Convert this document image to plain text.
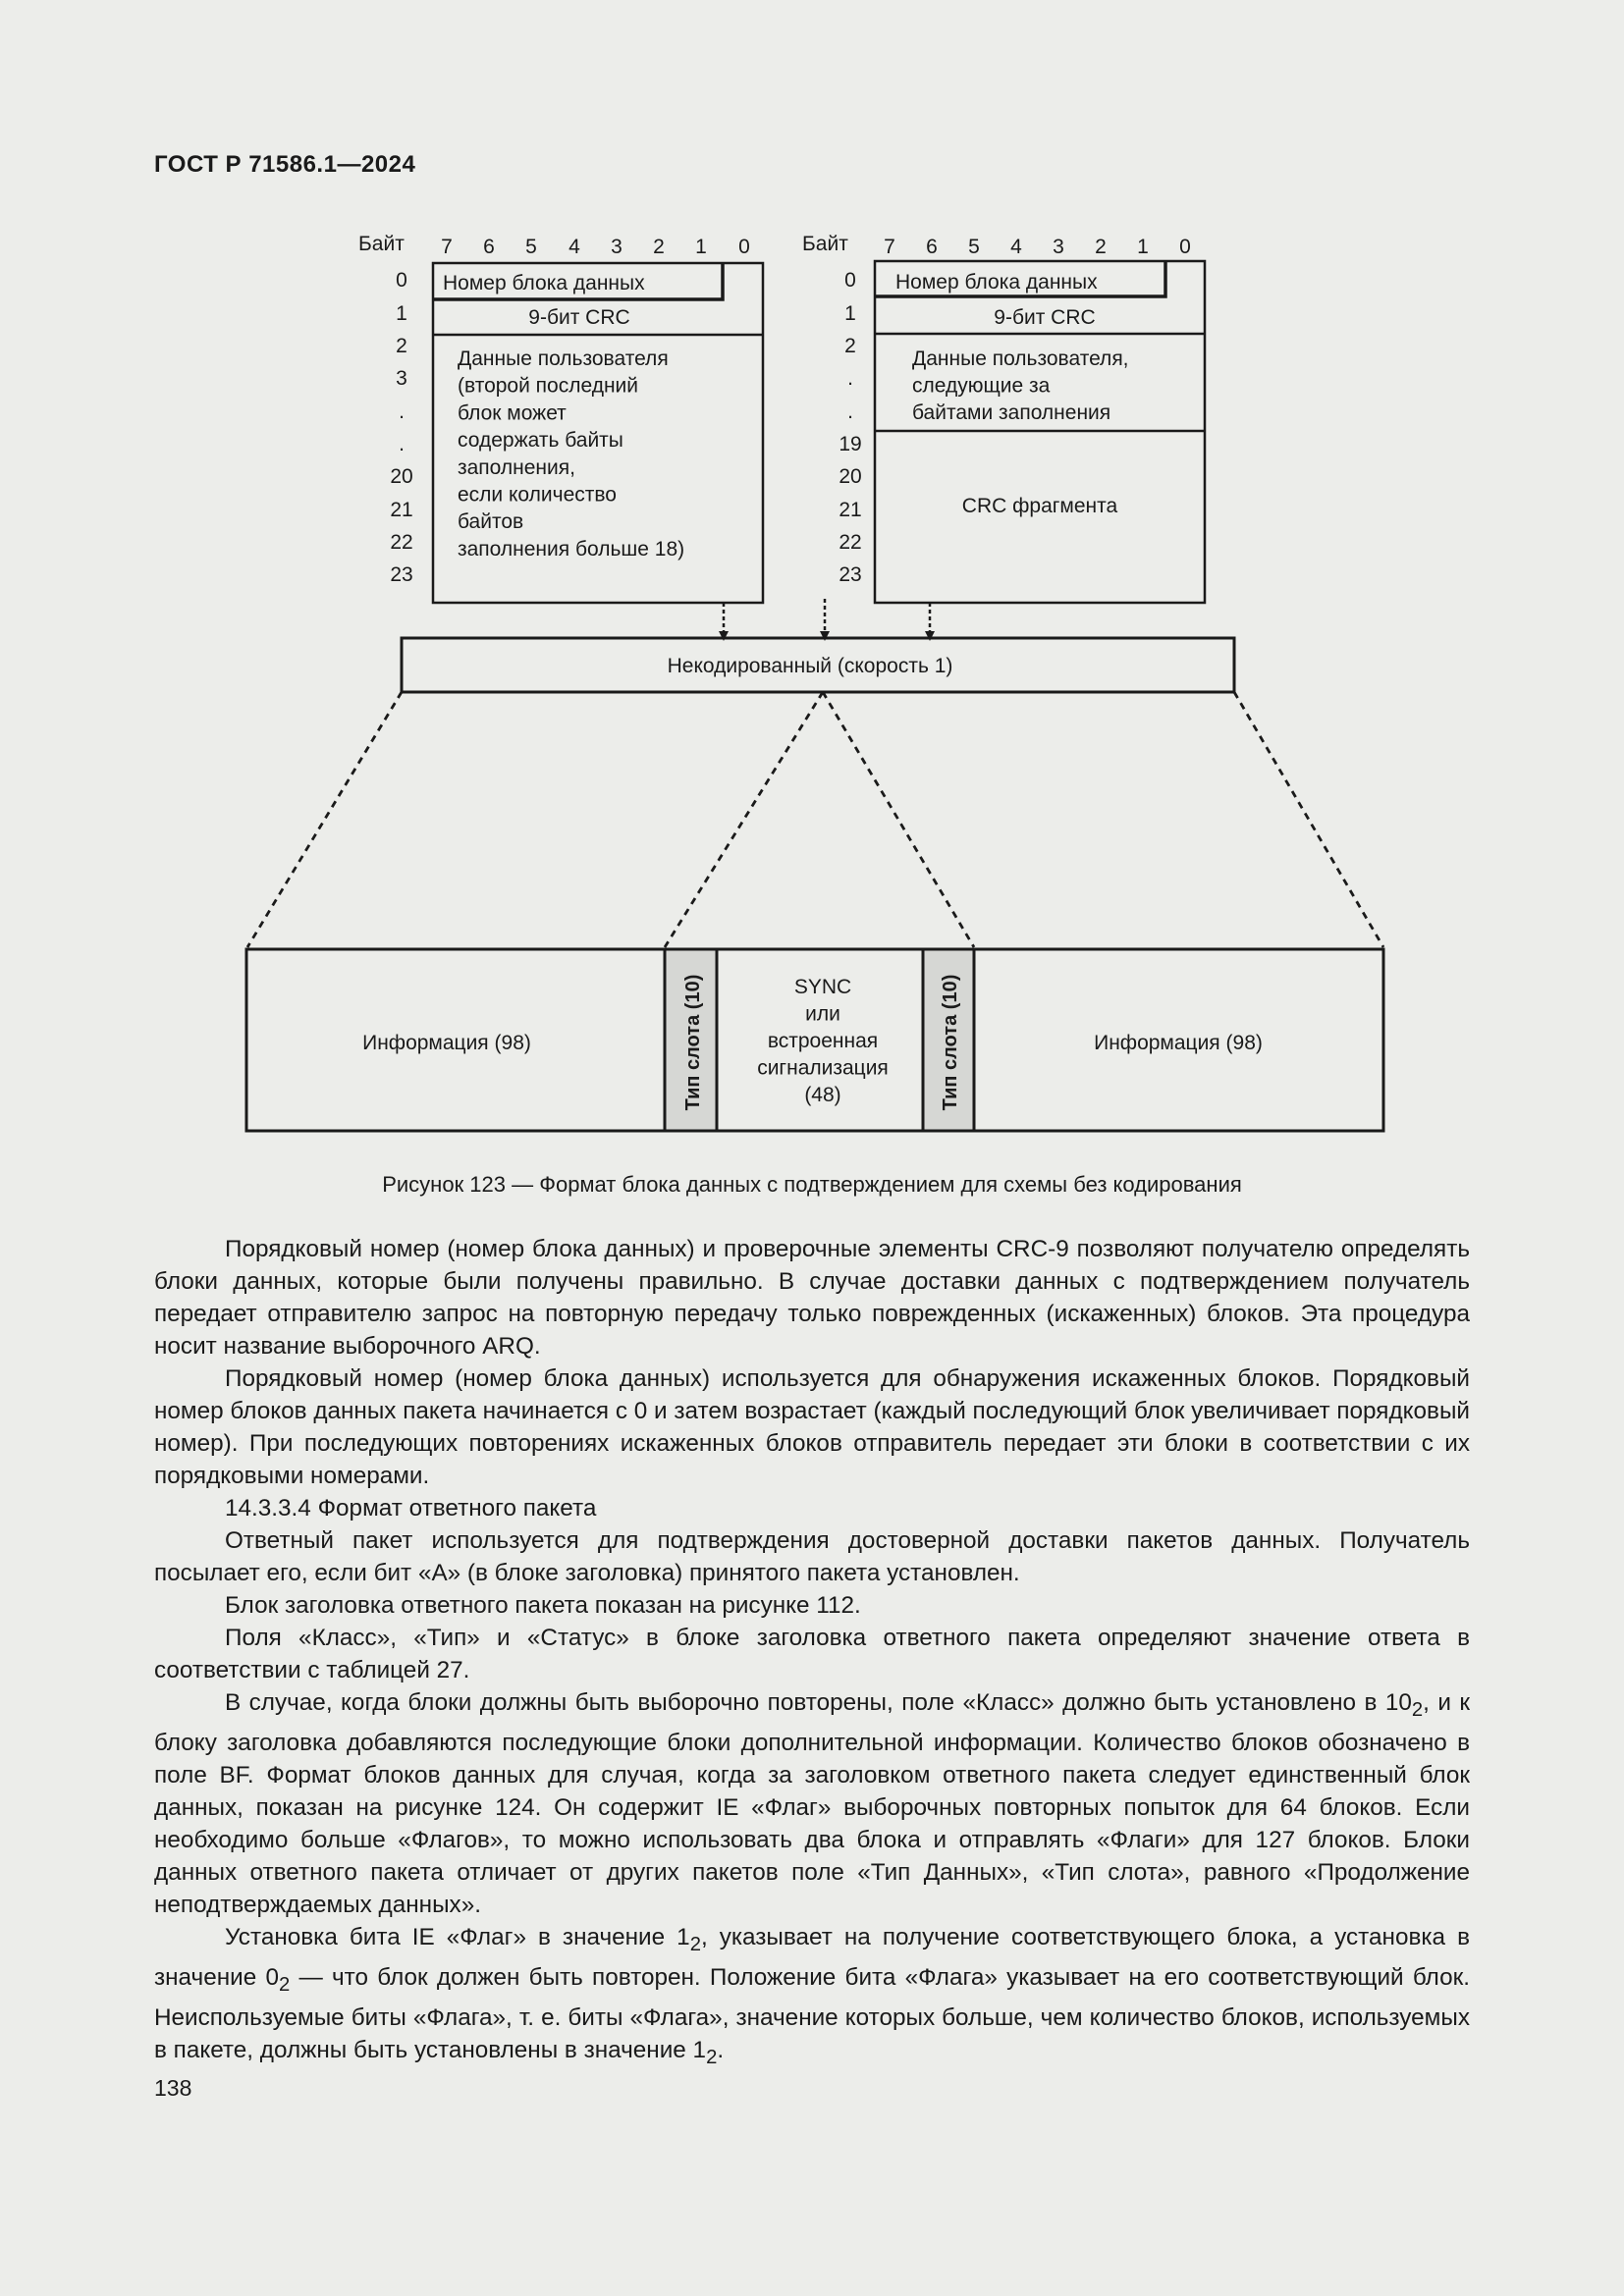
ГОСТ Р 71586.1—2024
Байт 7 6 5 4 3 2 1 0
0
1
2
3
.
.
20
21
22
23
Номер блока данных
9-бит CRC
Данные пользователя
(второй последний
блок может
содержать байты
заполнения,
если количество
байтов
заполнения больше 18)
Байт 7 6 5 4 3 2 1 0
0
1
2
.
.
19
20
21
22
23
Номер блока данных
9-бит CRC
Данные пользователя,
следующие за
байтами заполнения
CRC фрагмента
Некодированный (скорость 1)
Информация (98)	Тип слота (10)	SYNC
или
встроенная
сигнализация
(48)	Тип слота (10)	Информация (98)
Рисунок 123 — Формат блока данных с подтверждением для схемы без кодирования

Порядковый номер (номер блока данных) и проверочные элементы CRC-9 позволяют получателю определять блоки данных, которые были получены правильно. В случае доставки данных с подтверждением получатель передает отправителю запрос на повторную передачу только поврежденных (искаженных) блоков. Эта процедура носит название выборочного ARQ.

Порядковый номер (номер блока данных) используется для обнаружения искаженных блоков. Порядковый номер блоков данных пакета начинается с 0 и затем возрастает (каждый последующий блок увеличивает порядковый номер). При последующих повторениях искаженных блоков отправитель передает эти блоки в соответствии с их порядковыми номерами.

14.3.3.4 Формат ответного пакета

Ответный пакет используется для подтверждения достоверной доставки пакетов данных. Получатель посылает его, если бит «А» (в блоке заголовка) принятого пакета установлен.

Блок заголовка ответного пакета показан на рисунке 112.

Поля «Класс», «Тип» и «Статус» в блоке заголовка ответного пакета определяют значение ответа в соответствии с таблицей 27.

В случае, когда блоки должны быть выборочно повторены, поле «Класс» должно быть установлено в $10_2$, и к блоку заголовка добавляются последующие блоки дополнительной информации. Количество блоков обозначено в поле BF. Формат блоков данных для случая, когда за заголовком ответного пакета следует единственный блок данных, показан на рисунке 124. Он содержит IE «Флаг» выборочных повторных попыток для 64 блоков. Если необходимо больше «Флагов», то можно использовать два блока и отправлять «Флаги» для 127 блоков. Блоки данных ответного пакета отличает от других пакетов поле «Тип Данных», «Тип слота», равного «Продолжение неподтверждаемых данных».

Установка бита IE «Флаг» в значение $1_2$, указывает на получение соответствующего блока, а установка в значение $0_2$ — что блок должен быть повторен. Положение бита «Флага» указывает на его соответствующий блок. Неиспользуемые биты «Флага», т. е. биты «Флага», значение которых больше, чем количество блоков, используемых в пакете, должны быть установлены в значение $1_2$.

138
